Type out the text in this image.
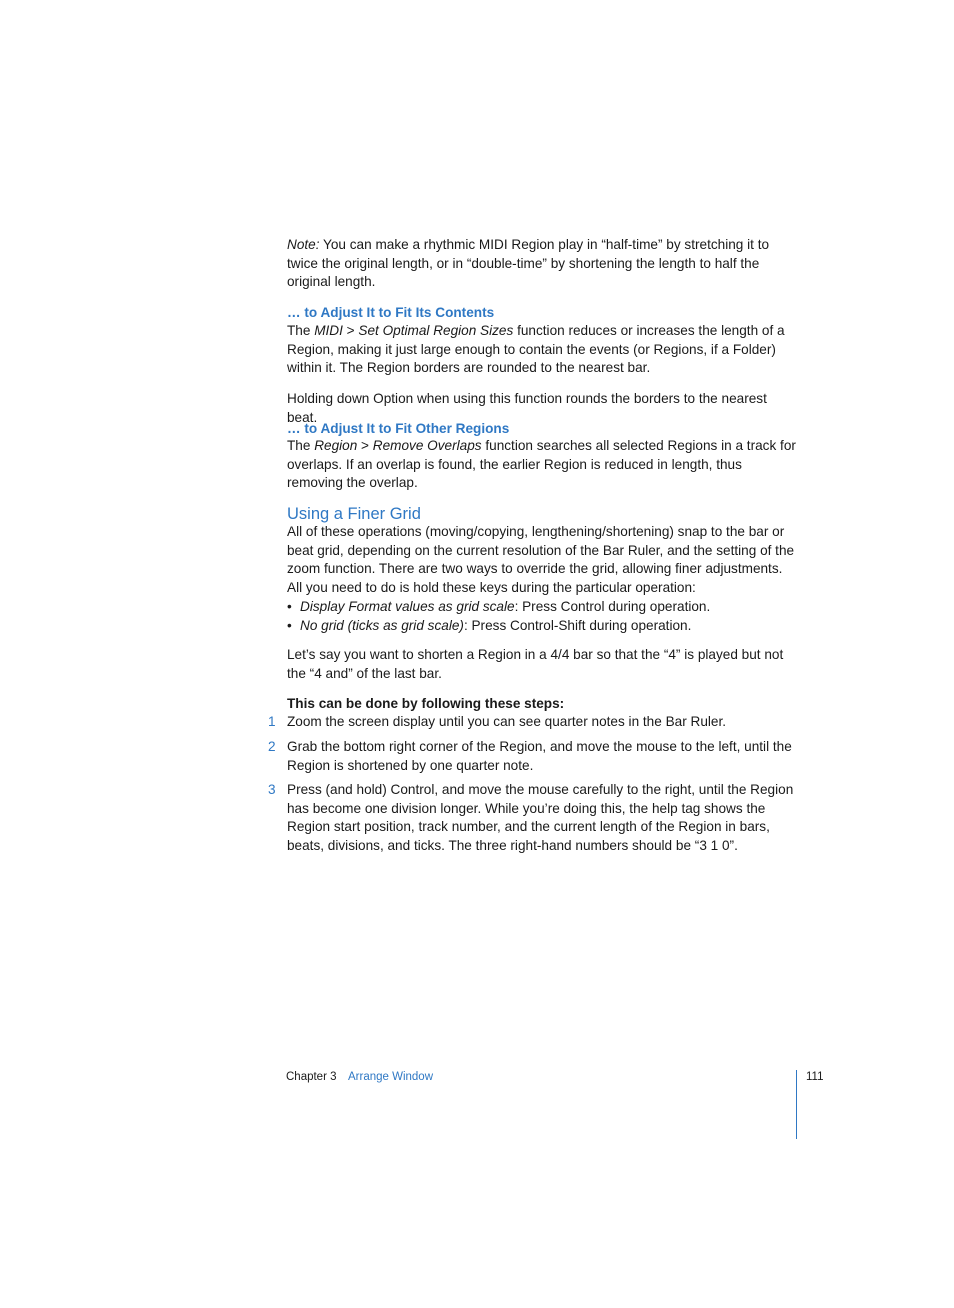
Note: You can make a rhythmic MIDI Region play in “half-time” by stretching it to twice the original length, or in “double-time” by shortening the length to half the original length.

… to Adjust It to Fit Its Contents

The MIDI > Set Optimal Region Sizes function reduces or increases the length of a Region, making it just large enough to contain the events (or Regions, if a Folder) within it. The Region borders are rounded to the nearest bar.

Holding down Option when using this function rounds the borders to the nearest beat.
… to Adjust It to Fit Other Regions

The Region > Remove Overlaps function searches all selected Regions in a track for overlaps. If an overlap is found, the earlier Region is reduced in length, thus removing the overlap.

Using a Finer Grid
All of these operations (moving/copying, lengthening/shortening) snap to the bar or beat grid, depending on the current resolution of the Bar Ruler, and the setting of the zoom function. There are two ways to override the grid, allowing finer adjustments. All you need to do is hold these keys during the particular operation:
• Display Format values as grid scale: Press Control during operation.
• No grid (ticks as grid scale): Press Control-Shift during operation.
Let’s say you want to shorten a Region in a 4/4 bar so that the “4” is played but not the “4 and” of the last bar.
This can be done by following these steps:
1 Zoom the screen display until you can see quarter notes in the Bar Ruler.
2 Grab the bottom right corner of the Region, and move the mouse to the left, until the Region is shortened by one quarter note.
3 Press (and hold) Control, and move the mouse carefully to the right, until the Region has become one division longer. While you’re doing this, the help tag shows the Region start position, track number, and the current length of the Region in bars, beats, divisions, and ticks. The three right-hand numbers should be “3 1 0”.
Chapter 3 Arrange Window	111
